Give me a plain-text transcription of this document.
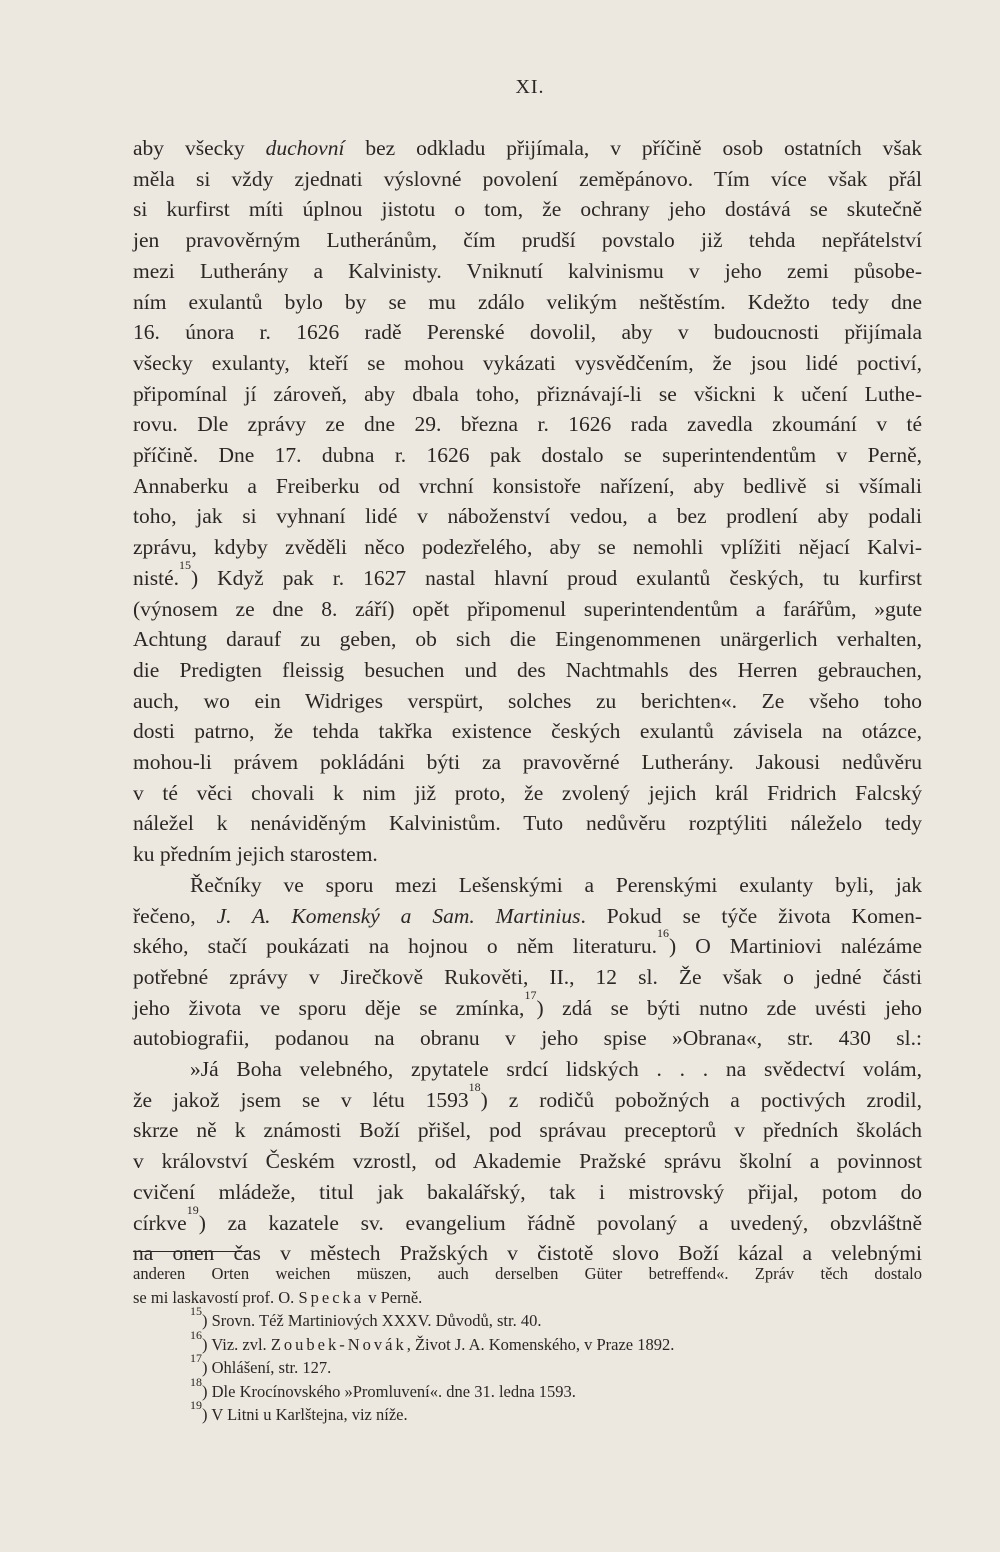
XI.
aby všecky duchovní bez odkladu přijímala, v příčině osob ostatních však
měla si vždy zjednati výslovné povolení zeměpánovo. Tím více však přál
si kurfirst míti úplnou jistotu o tom, že ochrany jeho dostává se skutečně
jen pravověrným Lutheránům, čím prudší povstalo již tehda nepřátelství
mezi Lutherány a Kalvinisty. Vniknutí kalvinismu v jeho zemi působe-
ním exulantů bylo by se mu zdálo velikým neštěstím. Kdežto tedy dne
16. února r. 1626 radě Perenské dovolil, aby v budoucnosti přijímala
všecky exulanty, kteří se mohou vykázati vysvědčením, že jsou lidé poctiví,
připomínal jí zároveň, aby dbala toho, přiznávají-li se všickni k učení Luthe-
rovu. Dle zprávy ze dne 29. března r. 1626 rada zavedla zkoumání v té
příčině. Dne 17. dubna r. 1626 pak dostalo se superintendentům v Perně,
Annaberku a Freiberku od vrchní konsistoře nařízení, aby bedlivě si všímali
toho, jak si vyhnaní lidé v náboženství vedou, a bez prodlení aby podali
zprávu, kdyby zvěděli něco podezřelého, aby se nemohli vplížiti nějací Kalvi-
nisté.$^{15}$) Když pak r. 1627 nastal hlavní proud exulantů českých, tu kurfirst
(výnosem ze dne 8. září) opět připomenul superintendentům a farářům, »gute
Achtung darauf zu geben, ob sich die Eingenommenen unärgerlich verhalten,
die Predigten fleissig besuchen und des Nachtmahls des Herren gebrauchen,
auch, wo ein Widriges verspürt, solches zu berichten«. Ze všeho toho
dosti patrno, že tehda takřka existence českých exulantů závisela na otázce,
mohou-li právem pokládáni býti za pravověrné Lutherány. Jakousi nedůvěru
v té věci chovali k nim již proto, že zvolený jejich král Fridrich Falcský
náležel k nenáviděným Kalvinistům. Tuto nedůvěru rozptýliti náleželo tedy
ku předním jejich starostem.
Řečníky ve sporu mezi Lešenskými a Perenskými exulanty byli, jak
řečeno, J. A. Komenský a Sam. Martinius. Pokud se týče života Komen-
ského, stačí poukázati na hojnou o něm literaturu.$^{16}$) O Martiniovi nalézáme
potřebné zprávy v Jirečkově Rukověti, II., 12 sl. Že však o jedné části
jeho života ve sporu děje se zmínka,$^{17}$) zdá se býti nutno zde uvésti jeho
autobiografii, podanou na obranu v jeho spise »Obrana«, str. 430 sl.:
»Já Boha velebného, zpytatele srdcí lidských . . . na svědectví volám,
že jakož jsem se v létu 1593$^{18}$) z rodičů pobožných a poctivých zrodil,
skrze ně k známosti Boží přišel, pod správau preceptorů v předních školách
v království Českém vzrostl, od Akademie Pražské správu školní a povinnost
cvičení mládeže, titul jak bakalářský, tak i mistrovský přijal, potom do
církve$^{19}$) za kazatele sv. evangelium řádně povolaný a uvedený, obzvláštně
na onen čas v městech Pražských v čistotě slovo Boží kázal a velebnými
anderen Orten weichen müszen, auch derselben Güter betreffend«. Zpráv těch dostalo
se mi laskavostí prof. O. Specka v Perně.
$^{15}$) Srovn. Též Martiniových XXXV. Důvodů, str. 40.
$^{16}$) Viz. zvl. Zoubek-Novák, Život J. A. Komenského, v Praze 1892.
$^{17}$) Ohlášení, str. 127.
$^{18}$) Dle Krocínovského »Promluvení«. dne 31. ledna 1593.
$^{19}$) V Litni u Karlštejna, viz níže.
